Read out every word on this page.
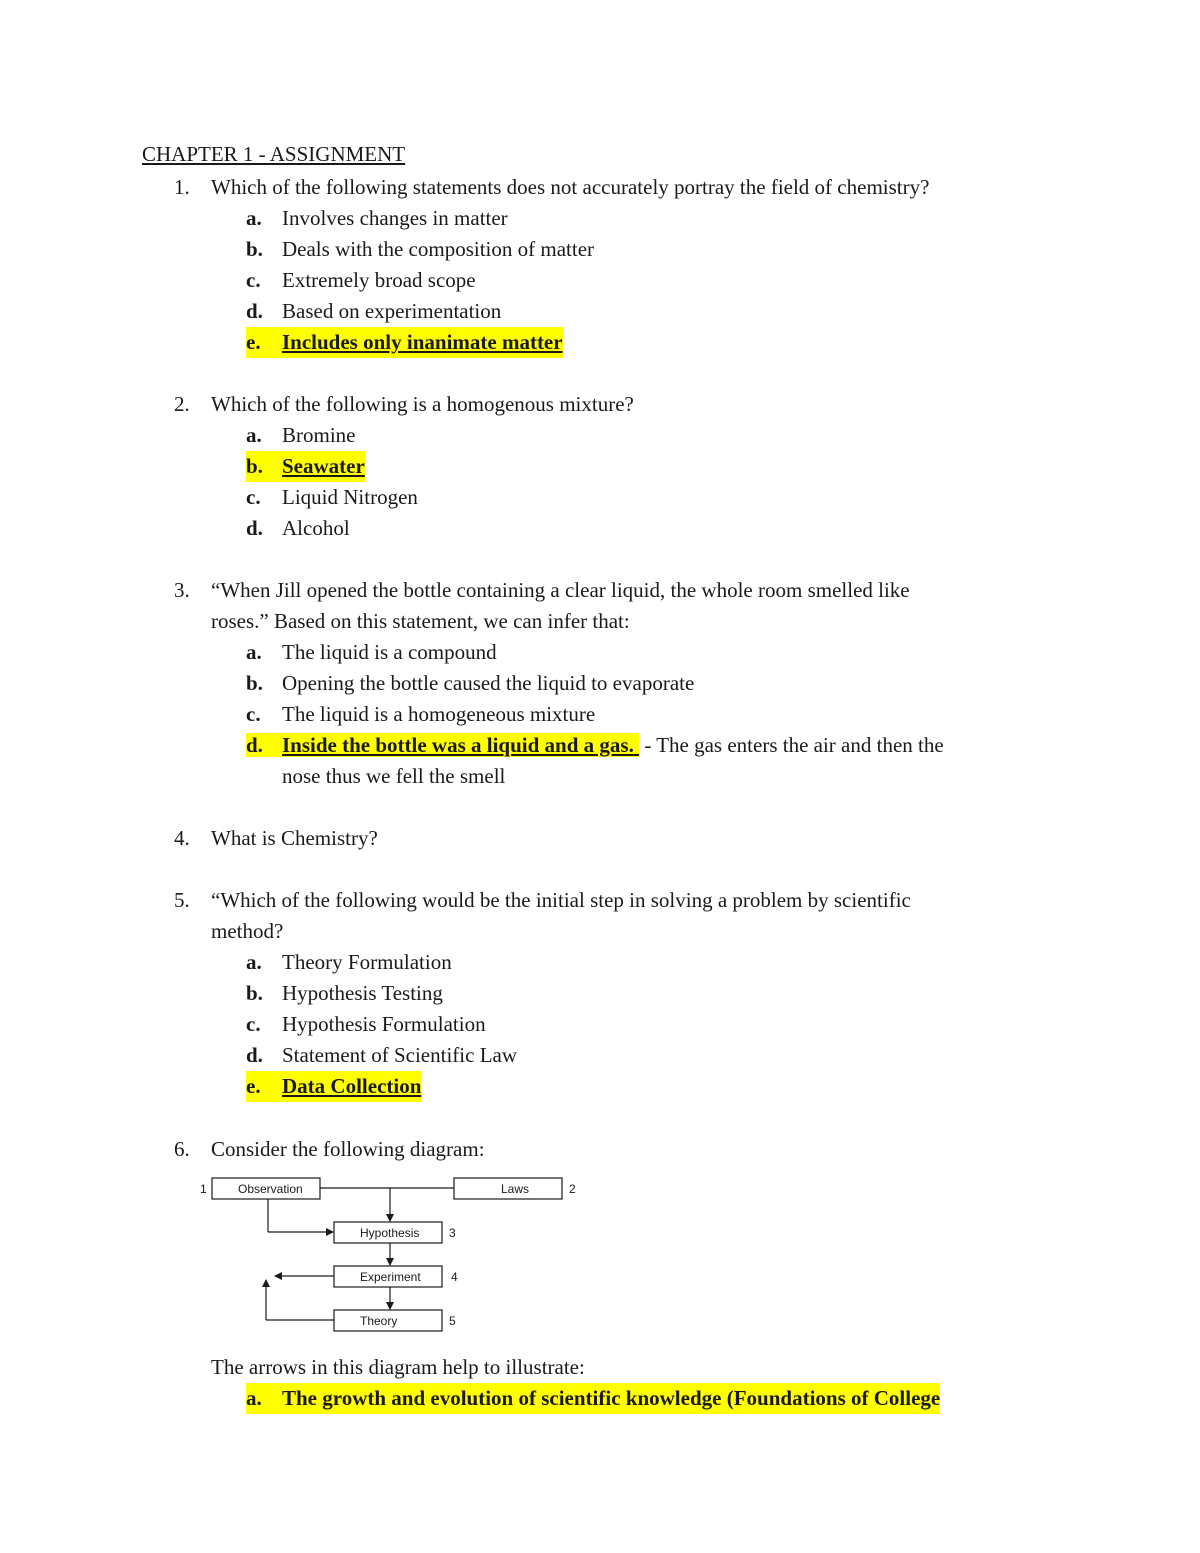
CHAPTER 1 - ASSIGNMENT
1. Which of the following statements does not accurately portray the field of chemistry?
a. Involves changes in matter
b. Deals with the composition of matter
c. Extremely broad scope
d. Based on experimentation
e. Includes only inanimate matter
2. Which of the following is a homogenous mixture?
a. Bromine
b. Seawater
c. Liquid Nitrogen
d. Alcohol
3. “When Jill opened the bottle containing a clear liquid, the whole room smelled like
roses.” Based on this statement, we can infer that:
a. The liquid is a compound
b. Opening the bottle caused the liquid to evaporate
c. The liquid is a homogeneous mixture
d. Inside the bottle was a liquid and a gas.  - The gas enters the air and then the
nose thus we fell the smell
4. What is Chemistry?
5. “Which of the following would be the initial step in solving a problem by scientific
method?
a. Theory Formulation
b. Hypothesis Testing
c. Hypothesis Formulation
d. Statement of Scientific Law
e. Data Collection
6. Consider the following diagram:
Observation	Laws
Hypothesis
Experiment
Theory
1	2
3
4
5
The arrows in this diagram help to illustrate:
a. The growth and evolution of scientific knowledge (Foundations of College
